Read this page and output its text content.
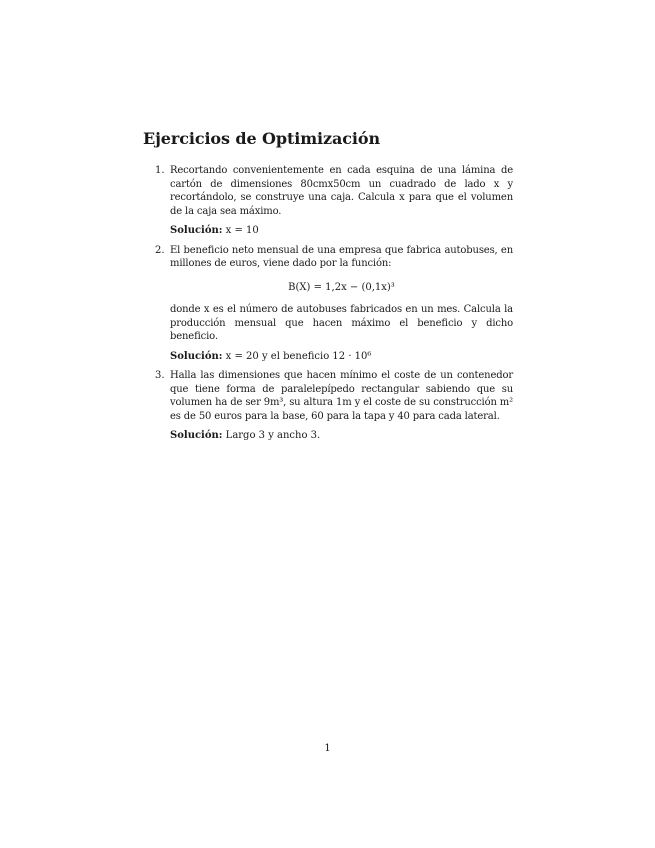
Ejercicios de Optimización
1. Recortando convenientemente en cada esquina de una lámina de cartón de dimensiones 80cmx50cm un cuadrado de lado x y recortándolo, se construye una caja. Calcula x para que el volumen de la caja sea máximo.

Solución: x = 10

2. El beneficio neto mensual de una empresa que fabrica autobuses, en millones de euros, viene dado por la función:

B(X) = 1,2x − (0,1x)³

donde x es el número de autobuses fabricados en un mes. Calcula la producción mensual que hacen máximo el beneficio y dicho beneficio.

Solución: x = 20 y el beneficio 12 · 10⁶

3. Halla las dimensiones que hacen mínimo el coste de un contenedor que tiene forma de paralelepípedo rectangular sabiendo que su volumen ha de ser 9m³, su altura 1m y el coste de su construcción m² es de 50 euros para la base, 60 para la tapa y 40 para cada lateral.

Solución: Largo 3 y ancho 3.

1
